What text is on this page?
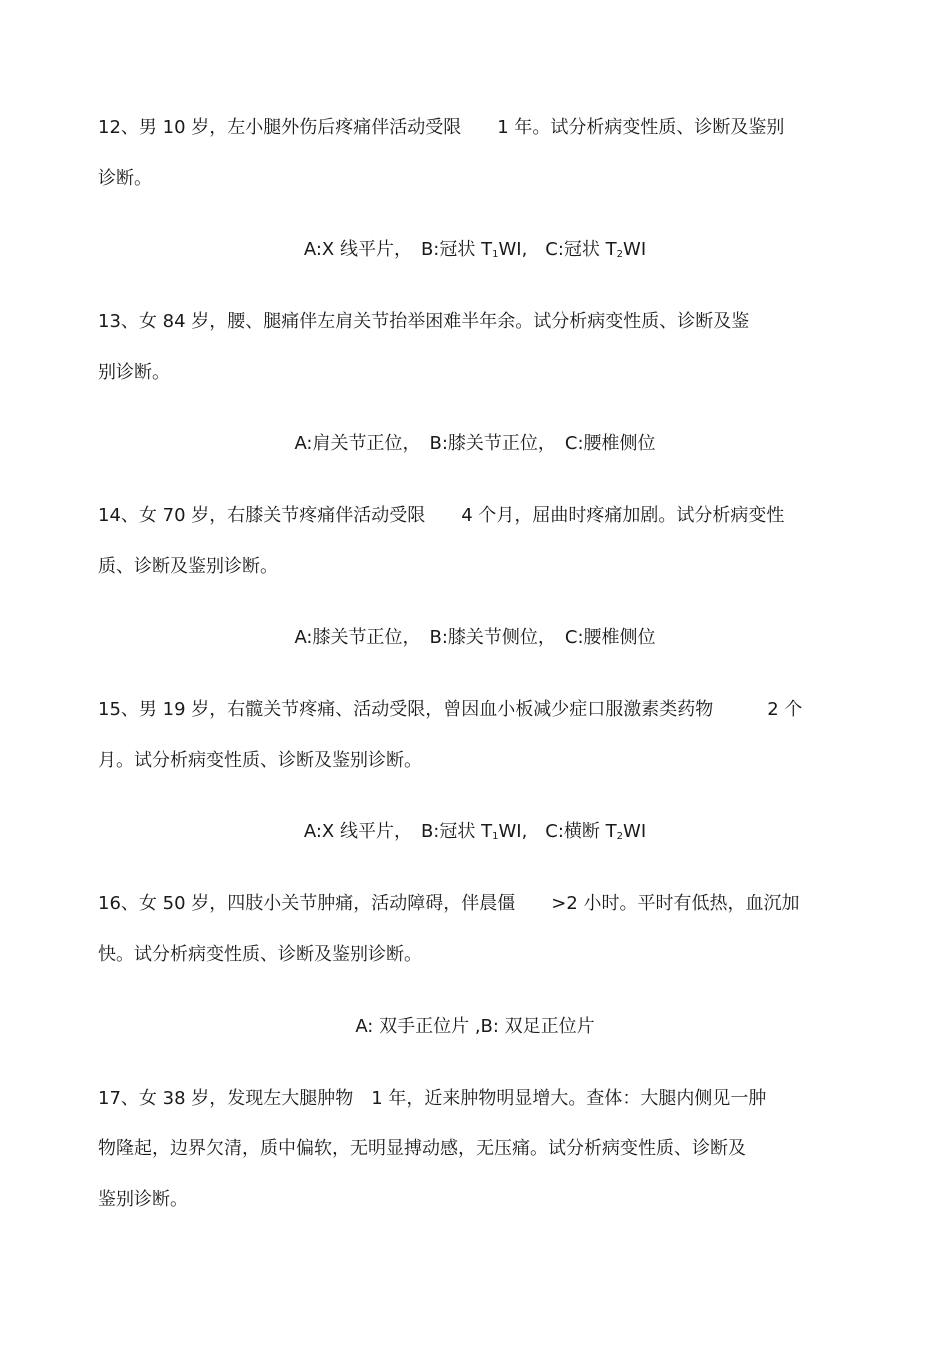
12、男 10 岁，左小腿外伤后疼痛伴活动受限　　1 年。试分析病变性质、诊断及鉴别
诊断。
A:X 线平片，　B:冠状 $T_1WI$,　C:冠状 $T_2WI$
13、女 84 岁，腰、腿痛伴左肩关节抬举困难半年余。试分析病变性质、诊断及鉴
别诊断。
A:肩关节正位，　B:膝关节正位，　C:腰椎侧位
14、女 70 岁，右膝关节疼痛伴活动受限　　4 个月，屈曲时疼痛加剧。试分析病变性
质、诊断及鉴别诊断。
A:膝关节正位，　B:膝关节侧位，　C:腰椎侧位
15、男 19 岁，右髋关节疼痛、活动受限，曾因血小板减少症口服激素类药物　　　2 个
月。试分析病变性质、诊断及鉴别诊断。
A:X 线平片，　B:冠状 $T_1WI$,　C:横断 $T_2WI$
16、女 50 岁，四肢小关节肿痛，活动障碍，伴晨僵　　>2 小时。平时有低热，血沉加
快。试分析病变性质、诊断及鉴别诊断。
A: 双手正位片 ,B: 双足正位片
17、女 38 岁，发现左大腿肿物　1 年，近来肿物明显增大。查体：大腿内侧见一肿
物隆起，边界欠清，质中偏软，无明显搏动感，无压痛。试分析病变性质、诊断及
鉴别诊断。
